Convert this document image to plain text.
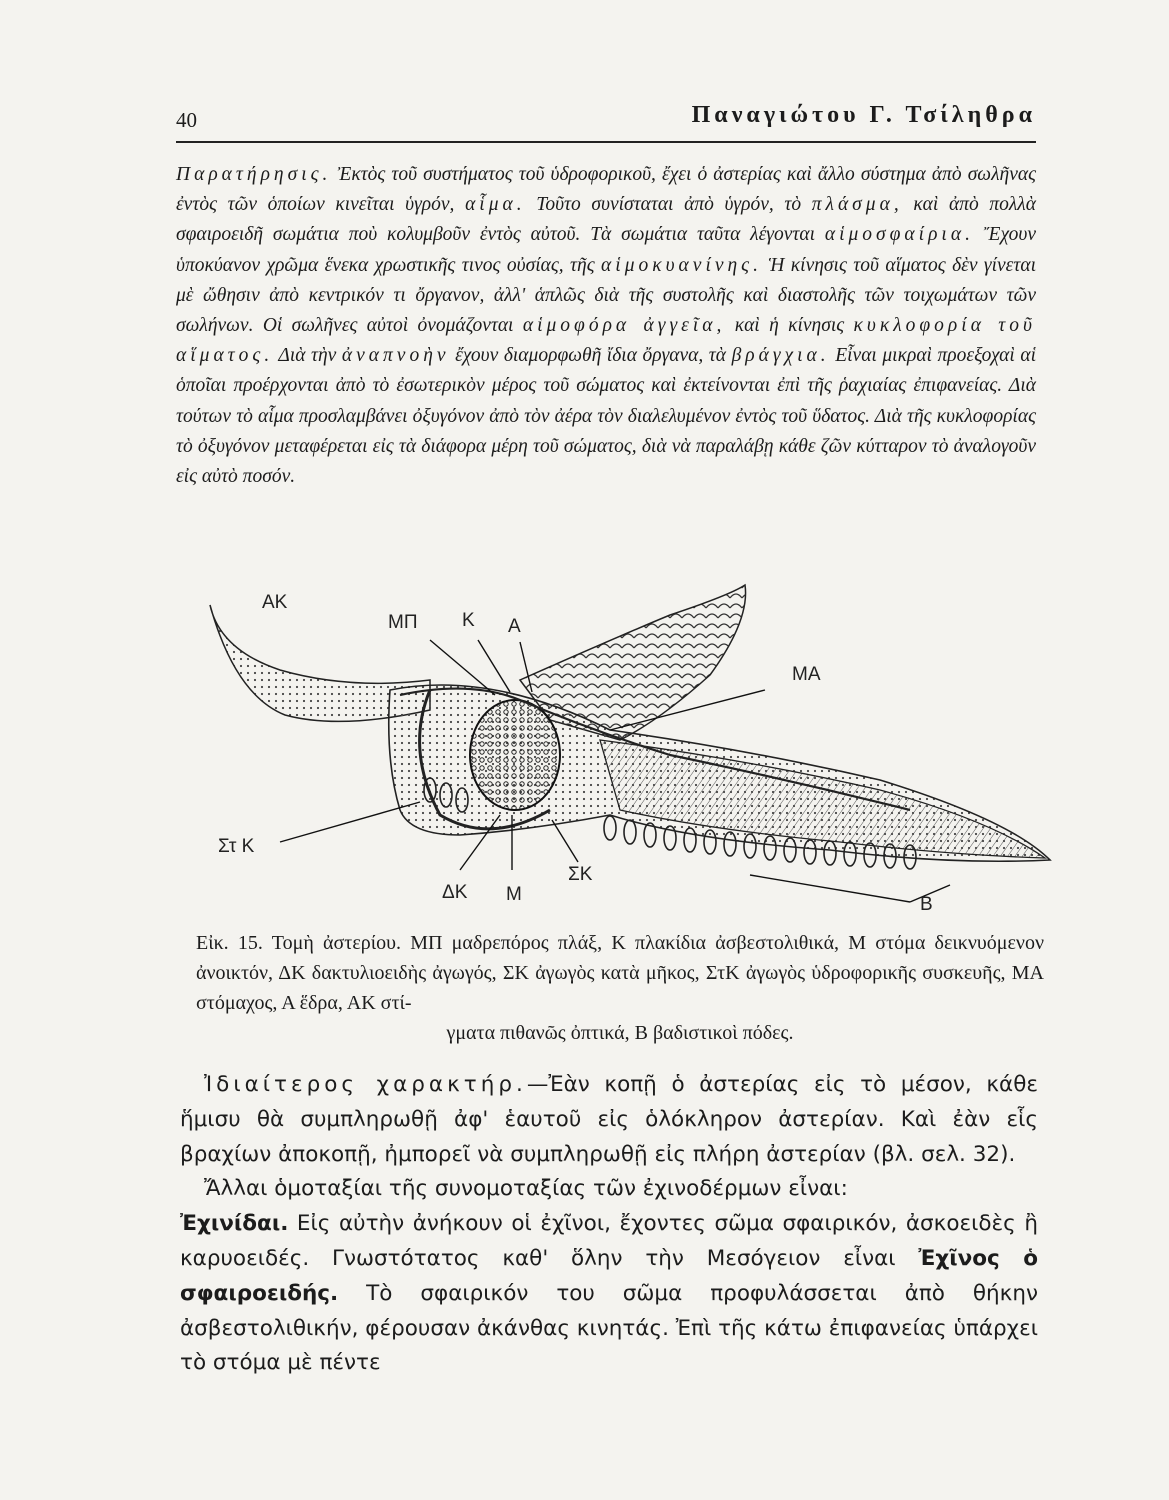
40	Παναγιώτου Γ. Τσίληθρα
Παρατήρησις. Ἐκτὸς τοῦ συστήματος τοῦ ὑδροφορικοῦ, ἔχει ὁ ἀστερίας καὶ ἄλλο σύστημα ἀπὸ σωλῆνας ἐντὸς τῶν ὁποίων κινεῖται ὑγρόν, αἷμα. Τοῦτο συνίσταται ἀπὸ ὑγρόν, τὸ πλάσμα, καὶ ἀπὸ πολλὰ σφαιροειδῆ σωμάτια ποὺ κολυμβοῦν ἐντὸς αὐτοῦ. Τὰ σωμάτια ταῦτα λέγονται αἱμοσφαίρια. Ἔχουν ὑποκύανον χρῶμα ἕνεκα χρωστικῆς τινος οὐσίας, τῆς αἱμοκυανίνης. Ἡ κίνησις τοῦ αἵματος δὲν γίνεται μὲ ὤθησιν ἀπὸ κεντρικόν τι ὄργανον, ἀλλ' ἁπλῶς διὰ τῆς συστολῆς καὶ διαστολῆς τῶν τοιχωμάτων τῶν σωλήνων. Οἱ σωλῆνες αὐτοὶ ὀνομάζονται αἱμοφόρα ἀγγεῖα, καὶ ἡ κίνησις κυκλοφορία τοῦ αἵματος. Διὰ τὴν ἀναπνοὴν ἔχουν διαμορφωθῆ ἴδια ὄργανα, τὰ βράγχια. Εἶναι μικραὶ προεξοχαὶ αἱ ὁποῖαι προέρχονται ἀπὸ τὸ ἐσωτερικὸν μέρος τοῦ σώματος καὶ ἐκτείνονται ἐπὶ τῆς ῥαχιαίας ἐπιφανείας. Διὰ τούτων τὸ αἷμα προσλαμβάνει ὀξυγόνον ἀπὸ τὸν ἀέρα τὸν διαλελυμένον ἐντὸς τοῦ ὕδατος. Διὰ τῆς κυκλοφορίας τὸ ὀξυγόνον μεταφέρεται εἰς τὰ διάφορα μέρη τοῦ σώματος, διὰ νὰ παραλάβῃ κάθε ζῶν κύτταρον τὸ ἀναλογοῦν εἰς αὐτὸ ποσόν.
ΑΚ
ΜΠ Κ Α
ΜΑ
Στ Κ
ΔΚ Μ
ΣΚ
Β
Εἰκ. 15. Τομὴ ἀστερίου. ΜΠ μαδρεπόρος πλάξ, Κ πλακίδια ἀσβεστολιθικά, Μ στόμα δεικνυόμενον ἀνοικτόν, ΔΚ δακτυλιοειδὴς ἀγωγός, ΣΚ ἀγωγὸς κατὰ μῆκος, ΣτΚ ἀγωγὸς ὑδροφορικῆς συσκευῆς, ΜΑ στόμαχος, Α ἕδρα, ΑΚ στί-
γματα πιθανῶς ὀπτικά, Β βαδιστικοὶ πόδες.

Ἰδιαίτερος χαρακτήρ.—Ἐὰν κοπῇ ὁ ἀστερίας εἰς τὸ μέσον, κάθε ἥμισυ θὰ συμπληρωθῇ ἀφ' ἑαυτοῦ εἰς ὁλόκληρον ἀστερίαν. Καὶ ἐὰν εἷς βραχίων ἀποκοπῇ, ἠμπορεῖ νὰ συμπληρωθῇ εἰς πλήρη ἀστερίαν (βλ. σελ. 32).

Ἄλλαι ὁμοταξίαι τῆς συνομοταξίας τῶν ἐχινοδέρμων εἶναι:

Ἐχινίδαι. Εἰς αὐτὴν ἀνήκουν οἱ ἐχῖνοι, ἔχοντες σῶμα σφαιρικόν, ἀσκοειδὲς ἢ καρυοειδές. Γνωστότατος καθ' ὅλην τὴν Μεσόγειον εἶναι Ἐχῖνος ὁ σφαιροειδής. Τὸ σφαιρικόν του σῶμα προφυλάσσεται ἀπὸ θήκην ἀσβεστολιθικήν, φέρουσαν ἀκάνθας κινητάς. Ἐπὶ τῆς κάτω ἐπιφανείας ὑπάρχει τὸ στόμα μὲ πέντε
